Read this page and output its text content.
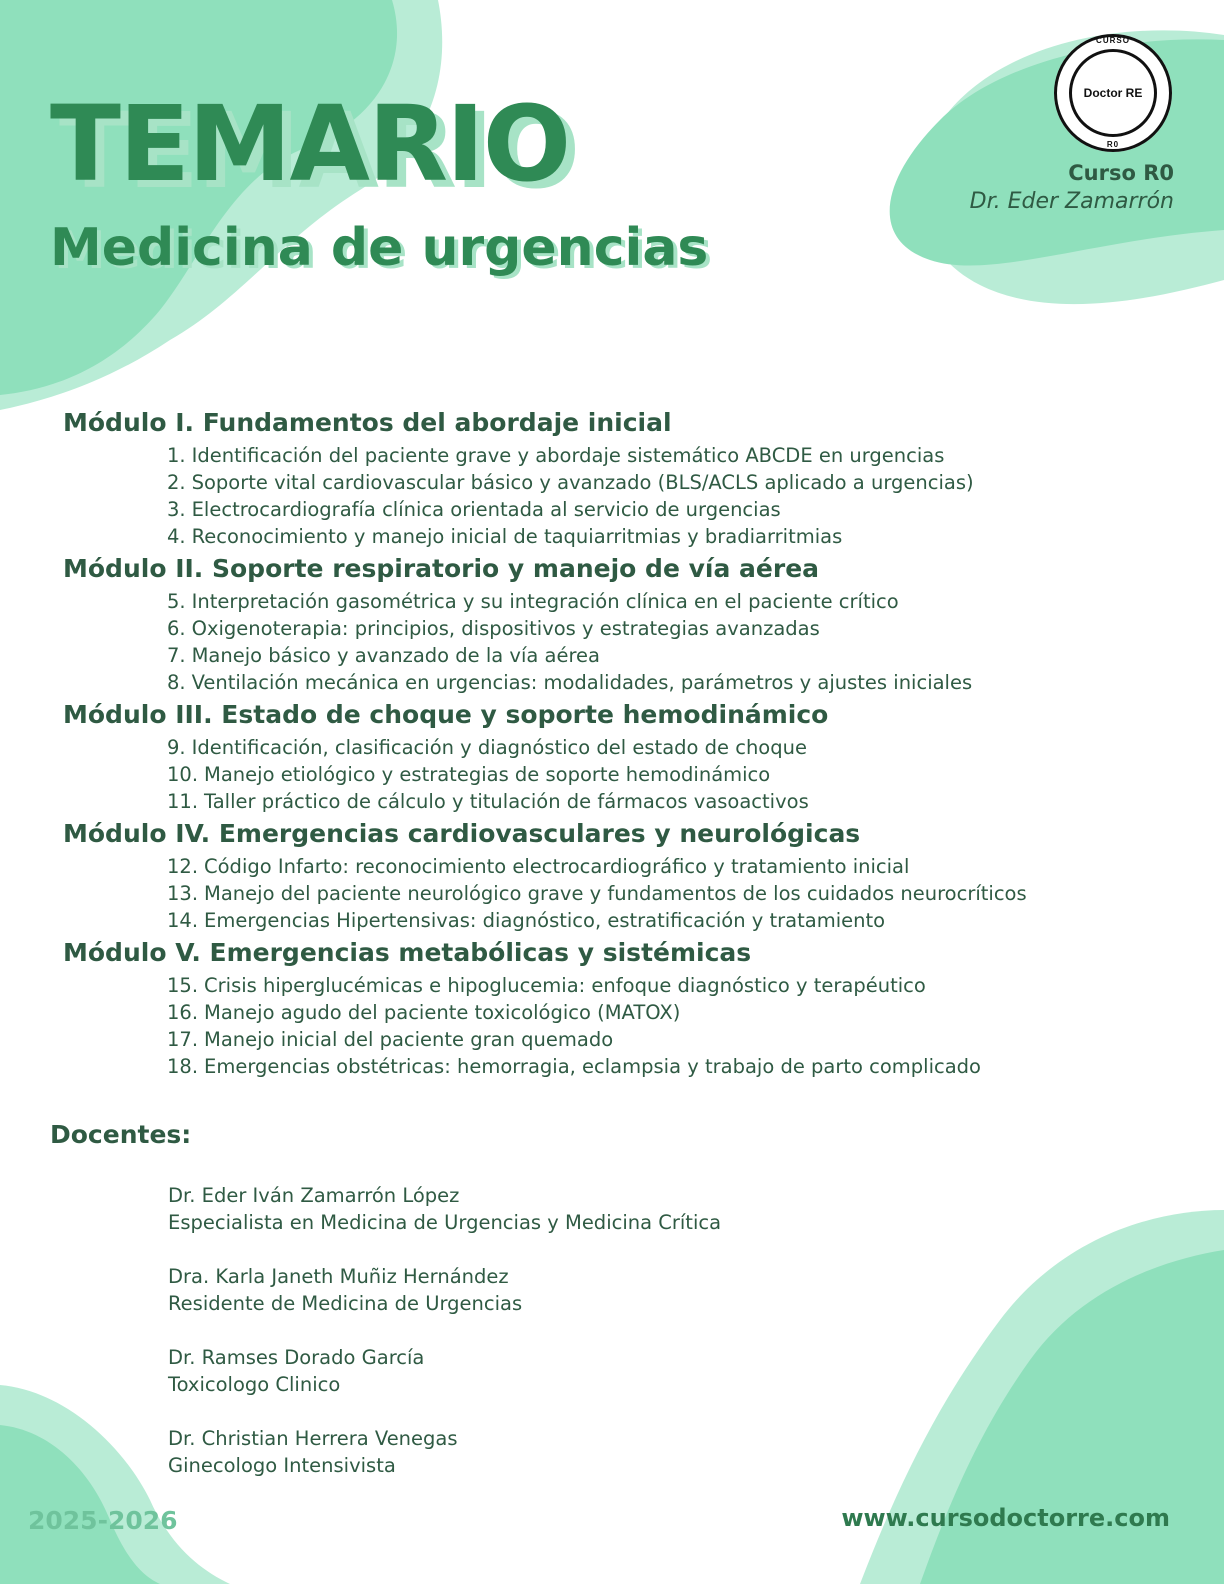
TEMARIO
Medicina de urgencias
CURSO
Doctor RE
R0
Curso R0
Dr. Eder Zamarrón
Módulo I. Fundamentos del abordaje inicial
1. Identificación del paciente grave y abordaje sistemático ABCDE en urgencias
2. Soporte vital cardiovascular básico y avanzado (BLS/ACLS aplicado a urgencias)
3. Electrocardiografía clínica orientada al servicio de urgencias
4. Reconocimiento y manejo inicial de taquiarritmias y bradiarritmias
Módulo II. Soporte respiratorio y manejo de vía aérea
5. Interpretación gasométrica y su integración clínica en el paciente crítico
6. Oxigenoterapia: principios, dispositivos y estrategias avanzadas
7. Manejo básico y avanzado de la vía aérea
8. Ventilación mecánica en urgencias: modalidades, parámetros y ajustes iniciales
Módulo III. Estado de choque y soporte hemodinámico
9. Identificación, clasificación y diagnóstico del estado de choque
10. Manejo etiológico y estrategias de soporte hemodinámico
11. Taller práctico de cálculo y titulación de fármacos vasoactivos
Módulo IV. Emergencias cardiovasculares y neurológicas
12. Código Infarto: reconocimiento electrocardiográfico y tratamiento inicial
13. Manejo del paciente neurológico grave y fundamentos de los cuidados neurocríticos
14. Emergencias Hipertensivas: diagnóstico, estratificación y tratamiento
Módulo V. Emergencias metabólicas y sistémicas
15. Crisis hiperglucémicas e hipoglucemia: enfoque diagnóstico y terapéutico
16. Manejo agudo del paciente toxicológico (MATOX)
17. Manejo inicial del paciente gran quemado
18. Emergencias obstétricas: hemorragia, eclampsia y trabajo de parto complicado
Docentes:
Dr. Eder Iván Zamarrón López
Especialista en Medicina de Urgencias y Medicina Crítica
Dra. Karla Janeth Muñiz Hernández
Residente de Medicina de Urgencias
Dr. Ramses Dorado García
Toxicologo Clinico
Dr. Christian Herrera Venegas
Ginecologo Intensivista
2025-2026	www.cursodoctorre.com
